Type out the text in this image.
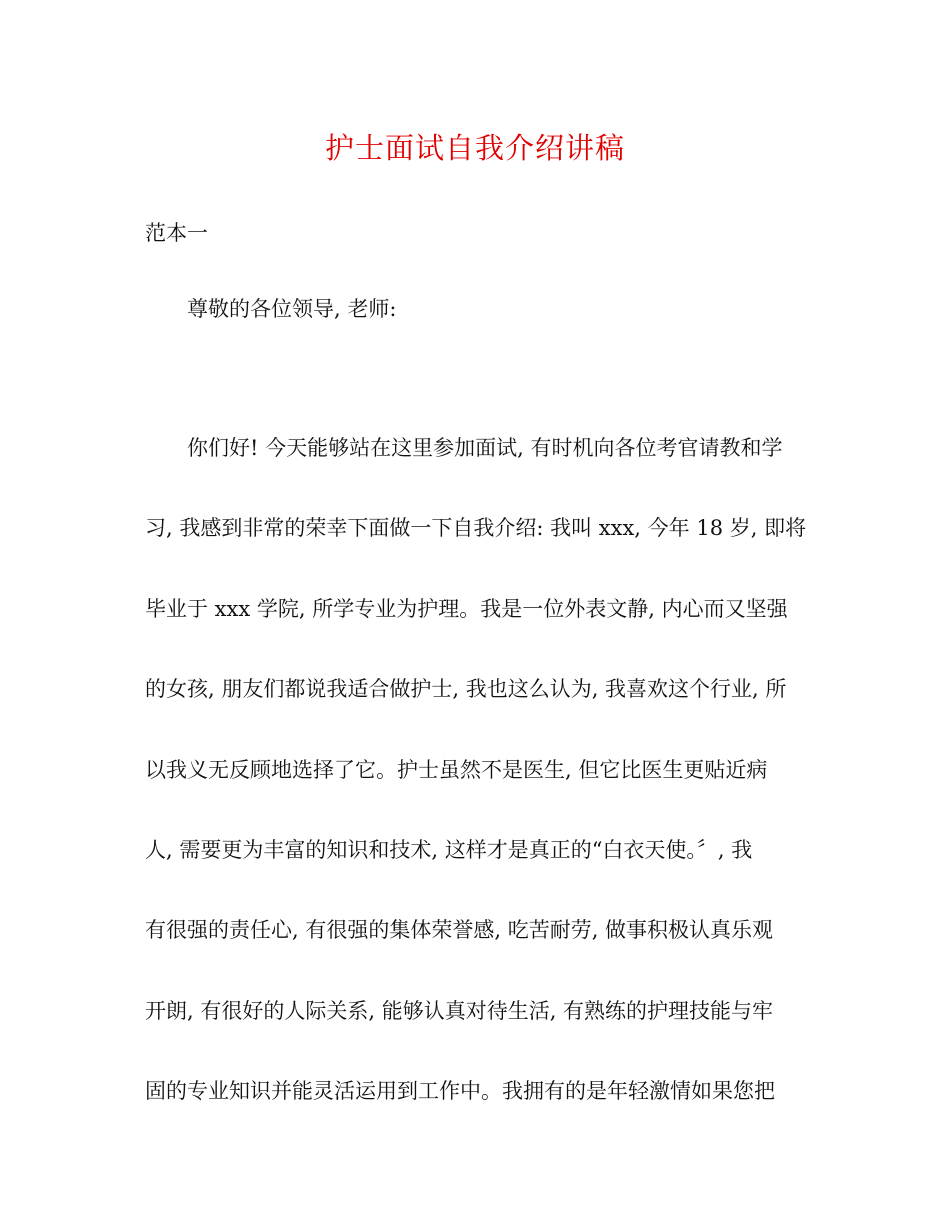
护士面试自我介绍讲稿
范本一
尊敬的各位领导, 老师:
你们好! 今天能够站在这里参加面试, 有时机向各位考官请教和学
习, 我感到非常的荣幸下面做一下自我介绍: 我叫 xxx, 今年 18 岁, 即将
毕业于 xxx 学院, 所学专业为护理。我是一位外表文静, 内心而又坚强
的女孩, 朋友们都说我适合做护士, 我也这么认为, 我喜欢这个行业, 所
以我义无反顾地选择了它。护士虽然不是医生, 但它比医生更贴近病
人, 需要更为丰富的知识和技术, 这样才是真正的“白衣天使。〞, 我
有很强的责任心, 有很强的集体荣誉感, 吃苦耐劳, 做事积极认真乐观
开朗, 有很好的人际关系, 能够认真对待生活, 有熟练的护理技能与牢
固的专业知识并能灵活运用到工作中。我拥有的是年轻激情如果您把
